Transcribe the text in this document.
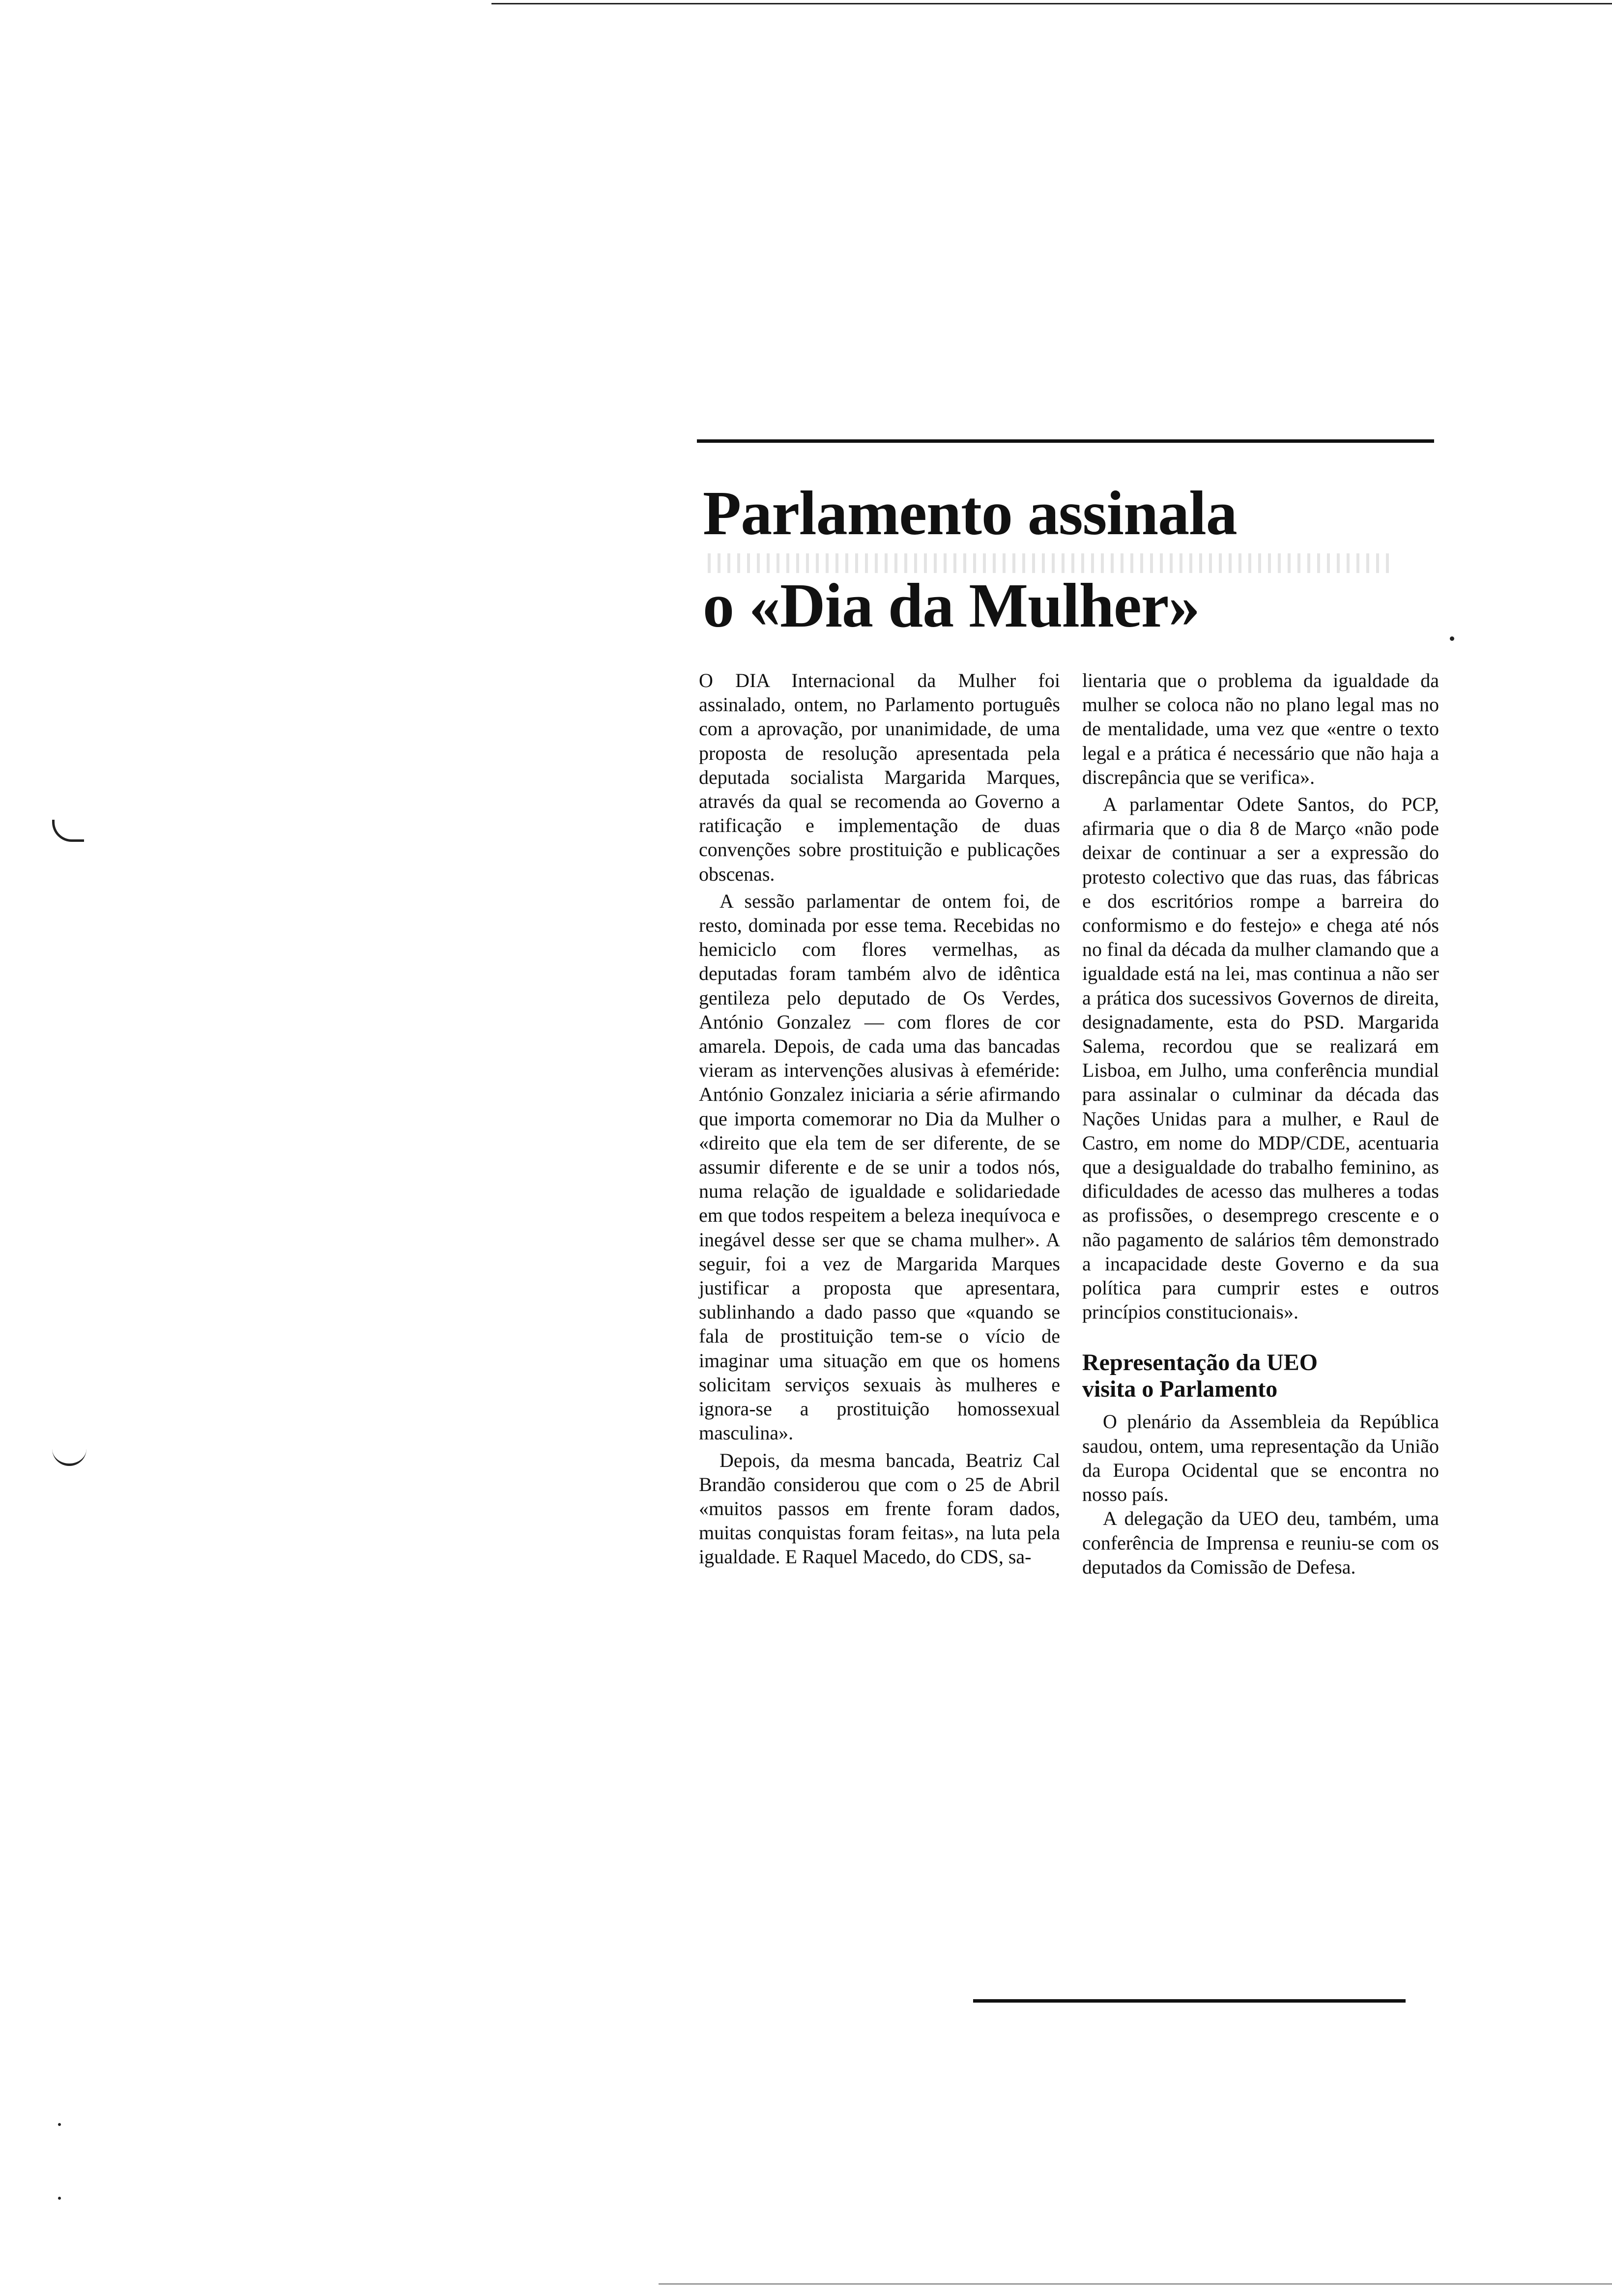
Parlamento assinala
o «Dia da Mulher»

O DIA Internacional da Mulher foi assinalado, ontem, no Parlamento português com a aprovação, por unanimidade, de uma proposta de resolução apresentada pela deputada socialista Margarida Marques, através da qual se recomenda ao Governo a ratificação e implementação de duas convenções sobre prostituição e publicações obscenas.

A sessão parlamentar de ontem foi, de resto, dominada por esse tema. Recebidas no hemiciclo com flores vermelhas, as deputadas foram também alvo de idêntica gentileza pelo deputado de Os Verdes, António Gonzalez — com flores de cor amarela. Depois, de cada uma das bancadas vieram as intervenções alusivas à efeméride: António Gonzalez iniciaria a série afirmando que importa comemorar no Dia da Mulher o «direito que ela tem de ser diferente, de se assumir diferente e de se unir a todos nós, numa relação de igualdade e solidariedade em que todos respeitem a beleza inequívoca e inegável desse ser que se chama mulher». A seguir, foi a vez de Margarida Marques justificar a proposta que apresentara, sublinhando a dado passo que «quando se fala de prostituição tem-se o vício de imaginar uma situação em que os homens solicitam serviços sexuais às mulheres e ignora-se a prostituição homossexual masculina».

Depois, da mesma bancada, Beatriz Cal Brandão considerou que com o 25 de Abril «muitos passos em frente foram dados, muitas conquistas foram feitas», na luta pela igualdade. E Raquel Macedo, do CDS, sa-

lientaria que o problema da igualdade da mulher se coloca não no plano legal mas no de mentalidade, uma vez que «entre o texto legal e a prática é necessário que não haja a discrepância que se verifica».

A parlamentar Odete Santos, do PCP, afirmaria que o dia 8 de Março «não pode deixar de continuar a ser a expressão do protesto colectivo que das ruas, das fábricas e dos escritórios rompe a barreira do conformismo e do festejo» e chega até nós no final da década da mulher clamando que a igualdade está na lei, mas continua a não ser a prática dos sucessivos Governos de direita, designadamente, esta do PSD. Margarida Salema, recordou que se realizará em Lisboa, em Julho, uma conferência mundial para assinalar o culminar da década das Nações Unidas para a mulher, e Raul de Castro, em nome do MDP/CDE, acentuaria que a desigualdade do trabalho feminino, as dificuldades de acesso das mulheres a todas as profissões, o desemprego crescente e o não pagamento de salários têm demonstrado a incapacidade deste Governo e da sua política para cumprir estes e outros princípios constitucionais».

Representação da UEO
visita o Parlamento

O plenário da Assembleia da República saudou, ontem, uma representação da União da Europa Ocidental que se encontra no nosso país.

A delegação da UEO deu, também, uma conferência de Imprensa e reuniu-se com os deputados da Comissão de Defesa.
